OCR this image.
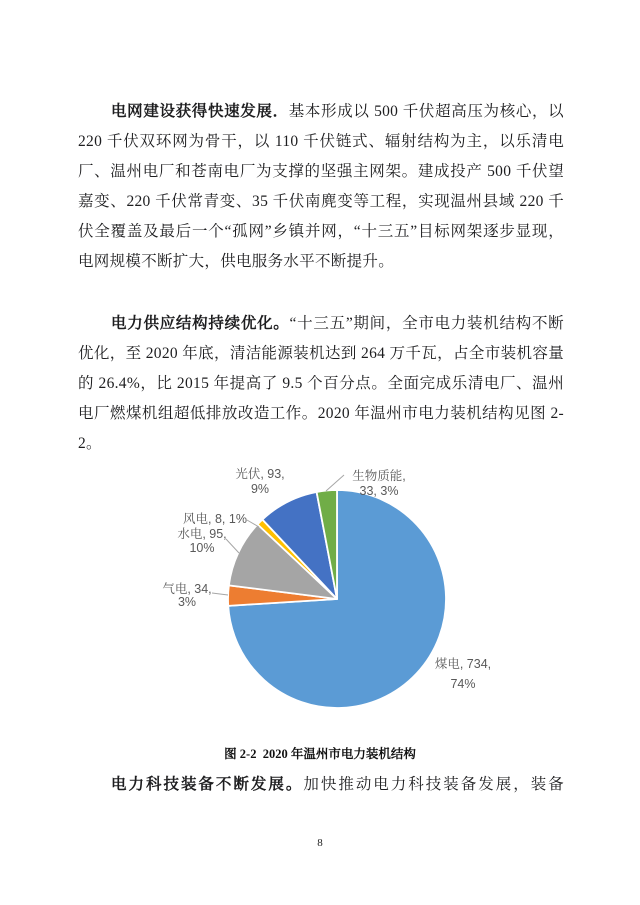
电网建设获得快速发展．基本形成以 500 千伏超高压为核心，以 220 千伏双环网为骨干，以 110 千伏链式、辐射结构为主，以乐清电厂、温州电厂和苍南电厂为支撑的坚强主网架。建成投产 500 千伏望嘉变、220 千伏常青变、35 千伏南麂变等工程，实现温州县域 220 千伏全覆盖及最后一个“孤网”乡镇并网，“十三五”目标网架逐步显现，电网规模不断扩大，供电服务水平不断提升。

电力供应结构持续优化。“十三五”期间，全市电力装机结构不断优化，至 2020 年底，清洁能源装机达到 264 万千瓦，占全市装机容量的 26.4%，比 2015 年提高了 9.5 个百分点。全面完成乐清电厂、温州电厂燃煤机组超低排放改造工作。2020 年温州市电力装机结构见图 2-2。

煤电, 734,
74%
气电, 34,
3%
水电, 95,
10%
风电, 8, 1%
光伏, 93,
9%
生物质能,
33, 3%
图 2-2  2020 年温州市电力装机结构

电力科技装备不断发展。加快推动电力科技装备发展，装备

8
